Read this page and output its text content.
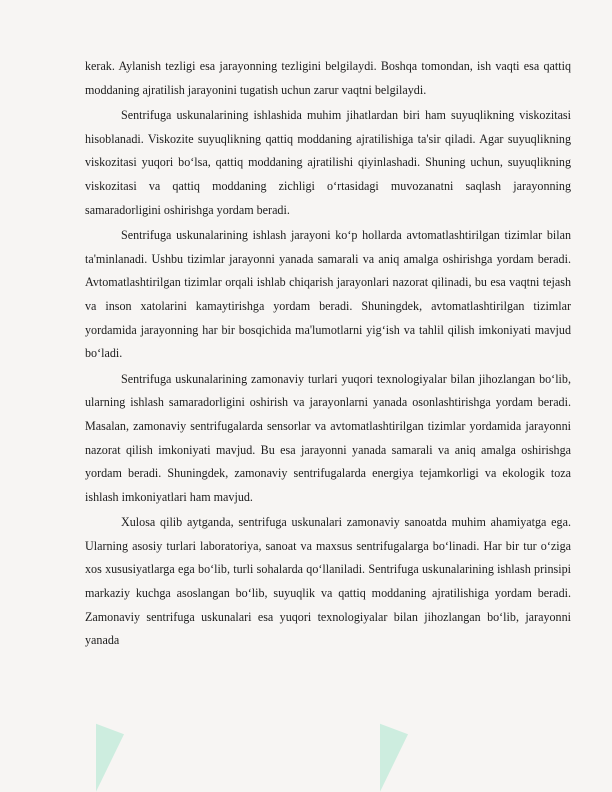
kerak. Aylanish tezligi esa jarayonning tezligini belgilaydi. Boshqa tomondan, ish vaqti esa qattiq moddaning ajratilish jarayonini tugatish uchun zarur vaqtni belgilaydi.

Sentrifuga uskunalarining ishlashida muhim jihatlardan biri ham suyuqlikning viskozitasi hisoblanadi. Viskozite suyuqlikning qattiq moddaning ajratilishiga ta'sir qiladi. Agar suyuqlikning viskozitasi yuqori bo‘lsa, qattiq moddaning ajratilishi qiyinlashadi. Shuning uchun, suyuqlikning viskozitasi va qattiq moddaning zichligi o‘rtasidagi muvozanatni saqlash jarayonning samaradorligini oshirishga yordam beradi.

Sentrifuga uskunalarining ishlash jarayoni ko‘p hollarda avtomatlashtirilgan tizimlar bilan ta'minlanadi. Ushbu tizimlar jarayonni yanada samarali va aniq amalga oshirishga yordam beradi. Avtomatlashtirilgan tizimlar orqali ishlab chiqarish jarayonlari nazorat qilinadi, bu esa vaqtni tejash va inson xatolarini kamaytirishga yordam beradi. Shuningdek, avtomatlashtirilgan tizimlar yordamida jarayonning har bir bosqichida ma'lumotlarni yig‘ish va tahlil qilish imkoniyati mavjud bo‘ladi.

Sentrifuga uskunalarining zamonaviy turlari yuqori texnologiyalar bilan jihozlangan bo‘lib, ularning ishlash samaradorligini oshirish va jarayonlarni yanada osonlashtirishga yordam beradi. Masalan, zamonaviy sentrifugalarda sensorlar va avtomatlashtirilgan tizimlar yordamida jarayonni nazorat qilish imkoniyati mavjud. Bu esa jarayonni yanada samarali va aniq amalga oshirishga yordam beradi. Shuningdek, zamonaviy sentrifugalarda energiya tejamkorligi va ekologik toza ishlash imkoniyatlari ham mavjud.

Xulosa qilib aytganda, sentrifuga uskunalari zamonaviy sanoatda muhim ahamiyatga ega. Ularning asosiy turlari laboratoriya, sanoat va maxsus sentrifugalarga bo‘linadi. Har bir tur o‘ziga xos xususiyatlarga ega bo‘lib, turli sohalarda qo‘llaniladi. Sentrifuga uskunalarining ishlash prinsipi markaziy kuchga asoslangan bo‘lib, suyuqlik va qattiq moddaning ajratilishiga yordam beradi. Zamonaviy sentrifuga uskunalari esa yuqori texnologiyalar bilan jihozlangan bo‘lib, jarayonni yanada
